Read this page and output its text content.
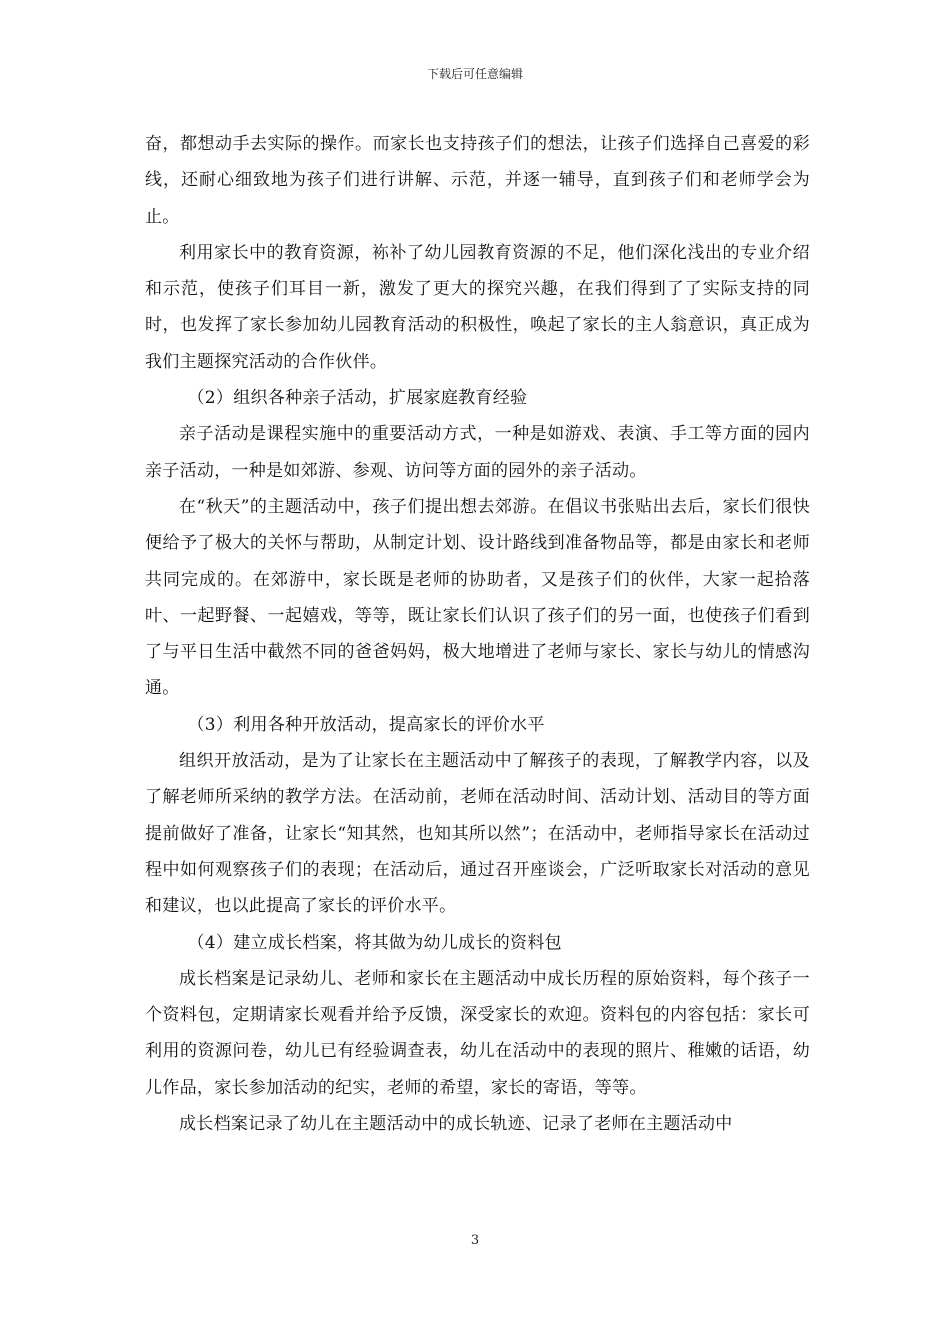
下载后可任意编辑

奋，都想动手去实际的操作。而家长也支持孩子们的想法，让孩子们选择自己喜爱的彩线，还耐心细致地为孩子们进行讲解、示范，并逐一辅导，直到孩子们和老师学会为止。

利用家长中的教育资源，袮补了幼儿园教育资源的不足，他们深化浅出的专业介绍和示范，使孩子们耳目一新，激发了更大的探究兴趣，在我们得到了了实际支持的同时，也发挥了家长参加幼儿园教育活动的积极性，唤起了家长的主人翁意识，真正成为我们主题探究活动的合作伙伴。

（2）组织各种亲子活动，扩展家庭教育经验

亲子活动是课程实施中的重要活动方式，一种是如游戏、表演、手工等方面的园内亲子活动，一种是如郊游、参观、访问等方面的园外的亲子活动。

在“秋天”的主题活动中，孩子们提出想去郊游。在倡议书张贴出去后，家长们很快便给予了极大的关怀与帮助，从制定计划、设计路线到准备物品等，都是由家长和老师共同完成的。在郊游中，家长既是老师的协助者，又是孩子们的伙伴，大家一起拾落叶、一起野餐、一起嬉戏，等等，既让家长们认识了孩子们的另一面，也使孩子们看到了与平日生活中截然不同的爸爸妈妈，极大地增进了老师与家长、家长与幼儿的情感沟通。

（3）利用各种开放活动，提高家长的评价水平

组织开放活动，是为了让家长在主题活动中了解孩子的表现，了解教学内容，以及了解老师所采纳的教学方法。在活动前，老师在活动时间、活动计划、活动目的等方面提前做好了准备，让家长“知其然，也知其所以然”；在活动中，老师指导家长在活动过程中如何观察孩子们的表现；在活动后，通过召开座谈会，广泛听取家长对活动的意见和建议，也以此提高了家长的评价水平。

（4）建立成长档案，将其做为幼儿成长的资料包

成长档案是记录幼儿、老师和家长在主题活动中成长历程的原始资料，每个孩子一个资料包，定期请家长观看并给予反馈，深受家长的欢迎。资料包的内容包括：家长可利用的资源问卷，幼儿已有经验调查表，幼儿在活动中的表现的照片、稚嫩的话语，幼儿作品，家长参加活动的纪实，老师的希望，家长的寄语，等等。

成长档案记录了幼儿在主题活动中的成长轨迹、记录了老师在主题活动中

3
